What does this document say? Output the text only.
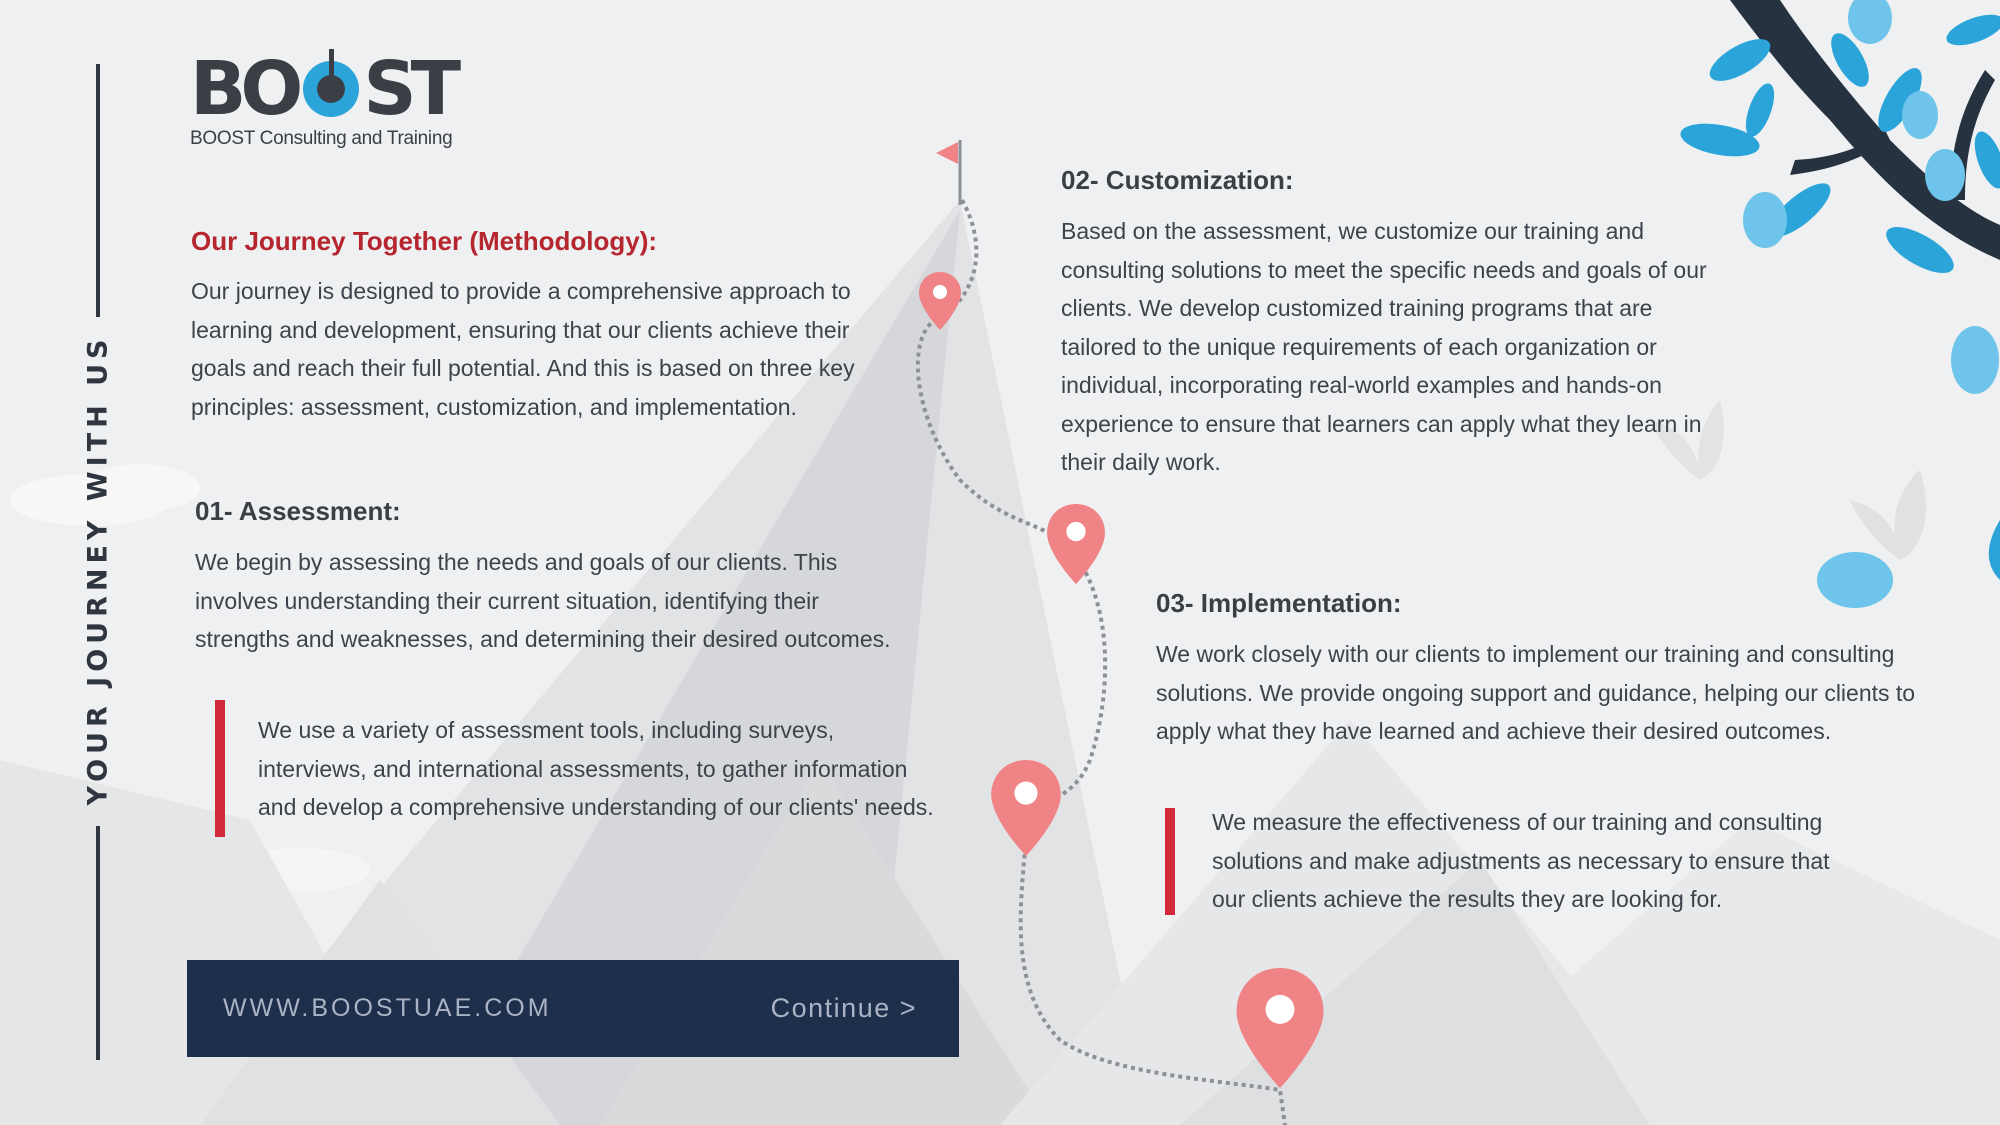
B O S T
BOOST Consulting and Training
YOUR JOURNEY WITH US
Our Journey Together (Methodology):
Our journey is designed to provide a comprehensive approach to learning and development, ensuring that our clients achieve their goals and reach their full potential. And this is based on three key principles: assessment, customization, and implementation.
01- Assessment:
We begin by assessing the needs and goals of our clients. This involves understanding their current situation, identifying their strengths and weaknesses, and determining their desired outcomes.
We use a variety of assessment tools, including surveys, interviews, and international assessments, to gather information and develop a comprehensive understanding of our clients' needs.
02- Customization:
Based on the assessment, we customize our training and consulting solutions to meet the specific needs and goals of our clients. We develop customized training programs that are tailored to the unique requirements of each organization or individual, incorporating real-world examples and hands-on experience to ensure that learners can apply what they learn in their daily work.
03- Implementation:
We work closely with our clients to implement our training and consulting solutions. We provide ongoing support and guidance, helping our clients to apply what they have learned and achieve their desired outcomes.
We measure the effectiveness of our training and consulting solutions and make adjustments as necessary to ensure that our clients achieve the results they are looking for.
WWW.BOOSTUAE.COM	Continue >
